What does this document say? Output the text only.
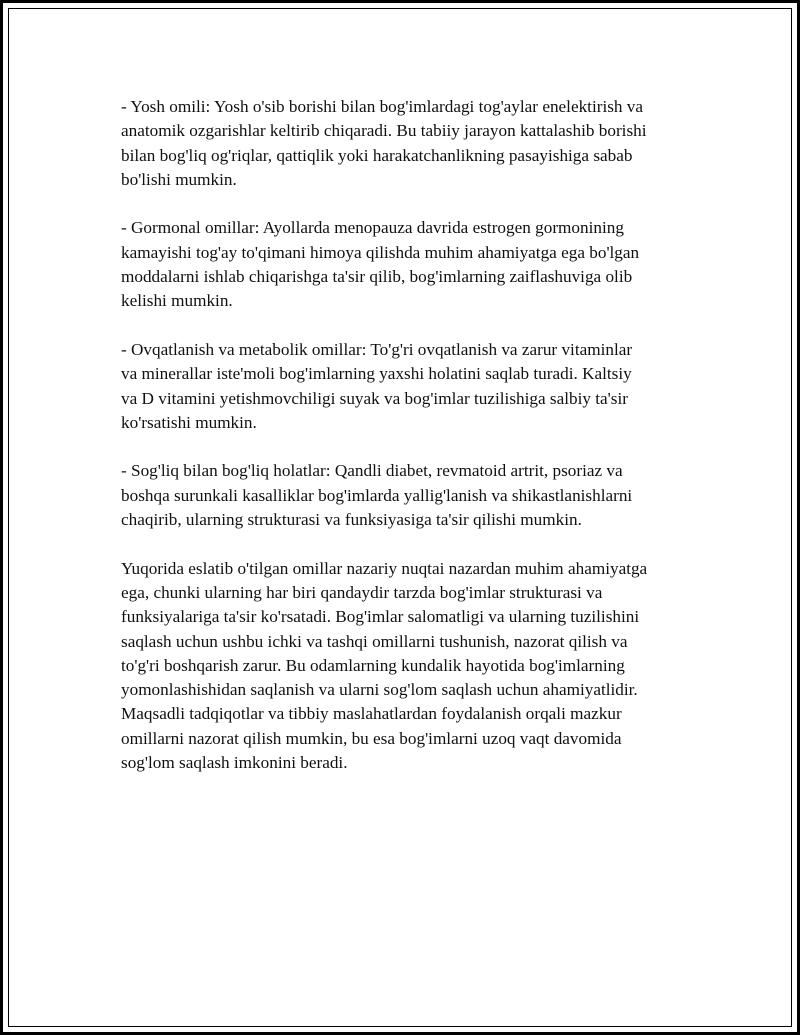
- Yosh omili: Yosh o'sib borishi bilan bog'imlardagi tog'aylar enelektirish va
anatomik ozgarishlar keltirib chiqaradi. Bu tabiiy jarayon kattalashib borishi
bilan bog'liq og'riqlar, qattiqlik yoki harakatchanlikning pasayishiga sabab
bo'lishi mumkin.

- Gormonal omillar: Ayollarda menopauza davrida estrogen gormonining
kamayishi tog'ay to'qimani himoya qilishda muhim ahamiyatga ega bo'lgan
moddalarni ishlab chiqarishga ta'sir qilib, bog'imlarning zaiflashuviga olib
kelishi mumkin.

- Ovqatlanish va metabolik omillar: To'g'ri ovqatlanish va zarur vitaminlar
va minerallar iste'moli bog'imlarning yaxshi holatini saqlab turadi. Kaltsiy
va D vitamini yetishmovchiligi suyak va bog'imlar tuzilishiga salbiy ta'sir
ko'rsatishi mumkin.

- Sog'liq bilan bog'liq holatlar: Qandli diabet, revmatoid artrit, psoriaz va
boshqa surunkali kasalliklar bog'imlarda yallig'lanish va shikastlanishlarni
chaqirib, ularning strukturasi va funksiyasiga ta'sir qilishi mumkin.

Yuqorida eslatib o'tilgan omillar nazariy nuqtai nazardan muhim ahamiyatga
ega, chunki ularning har biri qandaydir tarzda bog'imlar strukturasi va
funksiyalariga ta'sir ko'rsatadi. Bog'imlar salomatligi va ularning tuzilishini
saqlash uchun ushbu ichki va tashqi omillarni tushunish, nazorat qilish va
to'g'ri boshqarish zarur. Bu odamlarning kundalik hayotida bog'imlarning
yomonlashishidan saqlanish va ularni sog'lom saqlash uchun ahamiyatlidir.
Maqsadli tadqiqotlar va tibbiy maslahatlardan foydalanish orqali mazkur
omillarni nazorat qilish mumkin, bu esa bog'imlarni uzoq vaqt davomida
sog'lom saqlash imkonini beradi.
